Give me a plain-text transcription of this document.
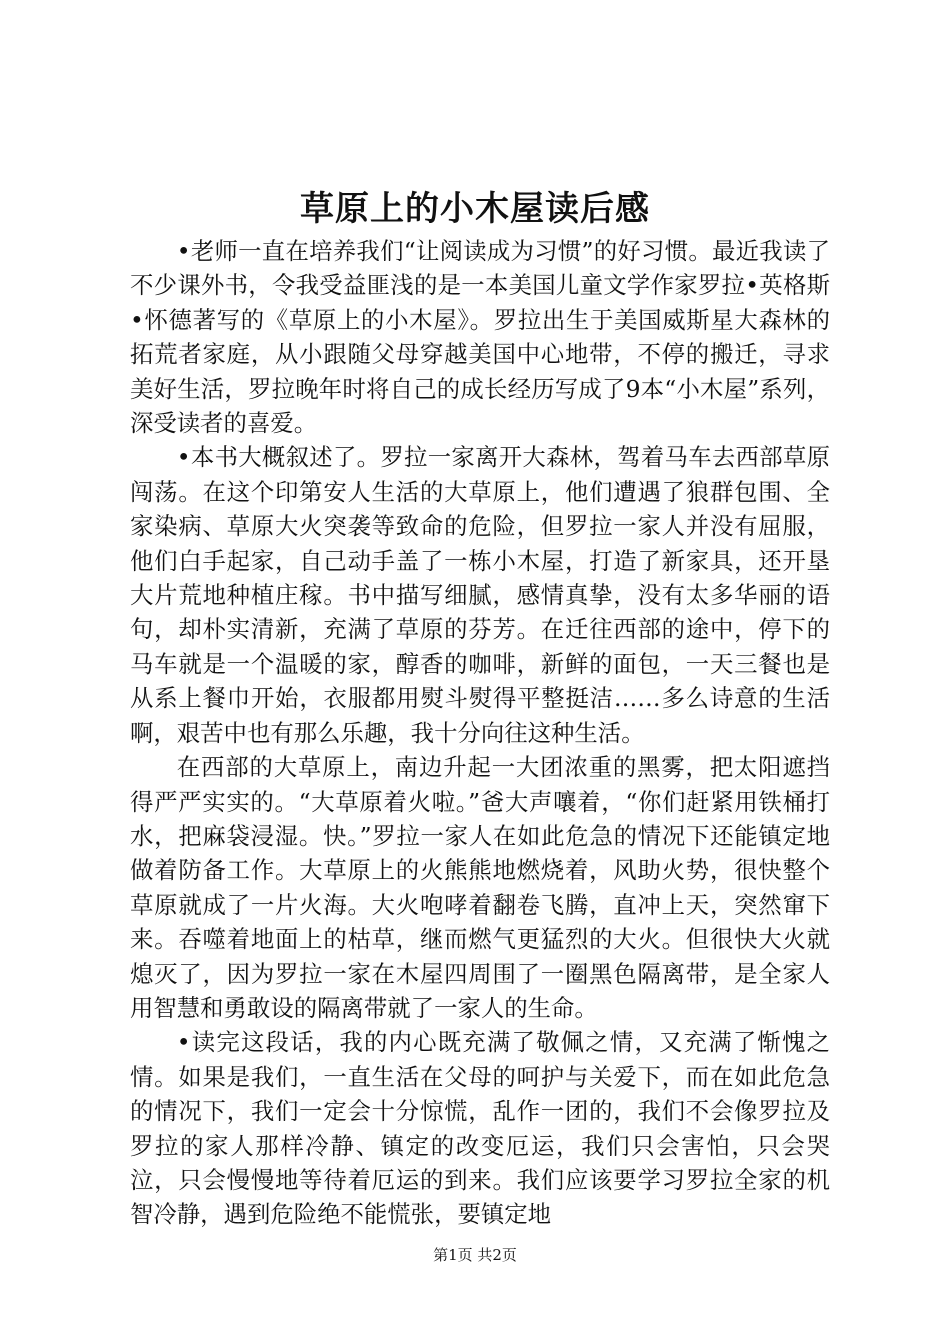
草原上的小木屋读后感

•老师一直在培养我们“让阅读成为习惯”的好习惯。最近我读了不少课外书，令我受益匪浅的是一本美国儿童文学作家罗拉•英格斯•怀德著写的《草原上的小木屋》。罗拉出生于美国威斯星大森林的拓荒者家庭，从小跟随父母穿越美国中心地带，不停的搬迁，寻求美好生活，罗拉晚年时将自己的成长经历写成了9本“小木屋”系列，深受读者的喜爱。

•本书大概叙述了。罗拉一家离开大森林，驾着马车去西部草原闯荡。在这个印第安人生活的大草原上，他们遭遇了狼群包围、全家染病、草原大火突袭等致命的危险，但罗拉一家人并没有屈服，他们白手起家，自己动手盖了一栋小木屋，打造了新家具，还开垦大片荒地种植庄稼。书中描写细腻，感情真挚，没有太多华丽的语句，却朴实清新，充满了草原的芬芳。在迁往西部的途中，停下的马车就是一个温暖的家，醇香的咖啡，新鲜的面包，一天三餐也是从系上餐巾开始，衣服都用熨斗熨得平整挺洁……多么诗意的生活啊，艰苦中也有那么乐趣，我十分向往这种生活。

在西部的大草原上，南边升起一大团浓重的黑雾，把太阳遮挡得严严实实的。“大草原着火啦。”爸大声嚷着，“你们赶紧用铁桶打水，把麻袋浸湿。快。”罗拉一家人在如此危急的情况下还能镇定地做着防备工作。大草原上的火熊熊地燃烧着，风助火势，很快整个草原就成了一片火海。大火咆哮着翻卷飞腾，直冲上天，突然窜下来。吞噬着地面上的枯草，继而燃气更猛烈的大火。但很快大火就熄灭了，因为罗拉一家在木屋四周围了一圈黑色隔离带，是全家人用智慧和勇敢设的隔离带就了一家人的生命。

•读完这段话，我的内心既充满了敬佩之情，又充满了惭愧之情。如果是我们，一直生活在父母的呵护与关爱下，而在如此危急的情况下，我们一定会十分惊慌，乱作一团的，我们不会像罗拉及罗拉的家人那样冷静、镇定的改变厄运，我们只会害怕，只会哭泣，只会慢慢地等待着厄运的到来。我们应该要学习罗拉全家的机智冷静，遇到危险绝不能慌张，要镇定地

第1页 共2页
